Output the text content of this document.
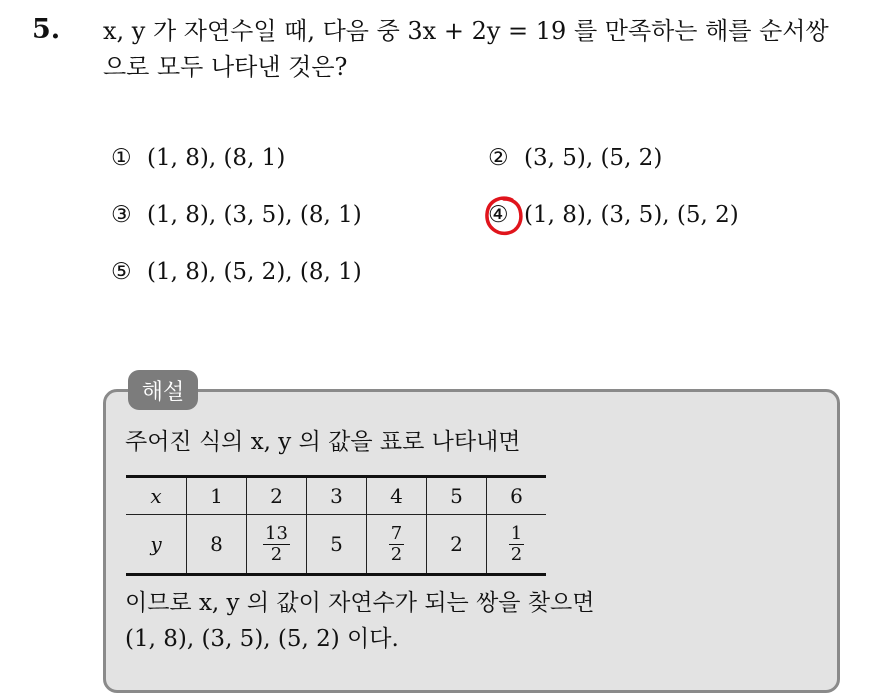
5. x, y 가 자연수일 때, 다음 중 3x + 2y = 19 를 만족하는 해를 순서쌍
으로 모두 나타낸 것은?
① (1, 8), (8, 1)	② (3, 5), (5, 2)
③ (1, 8), (3, 5), (8, 1)	④ (1, 8), (3, 5), (5, 2)
⑤ (1, 8), (5, 2), (8, 1)
해설
주어진 식의 x, y 의 값을 표로 나타내면
x	1	2	3	4	5	6
y	8	$\frac{13}{2}$	5	$\frac{7}{2}$	2	$\frac{1}{2}$
이므로 x, y 의 값이 자연수가 되는 쌍을 찾으면
(1, 8), (3, 5), (5, 2) 이다.
